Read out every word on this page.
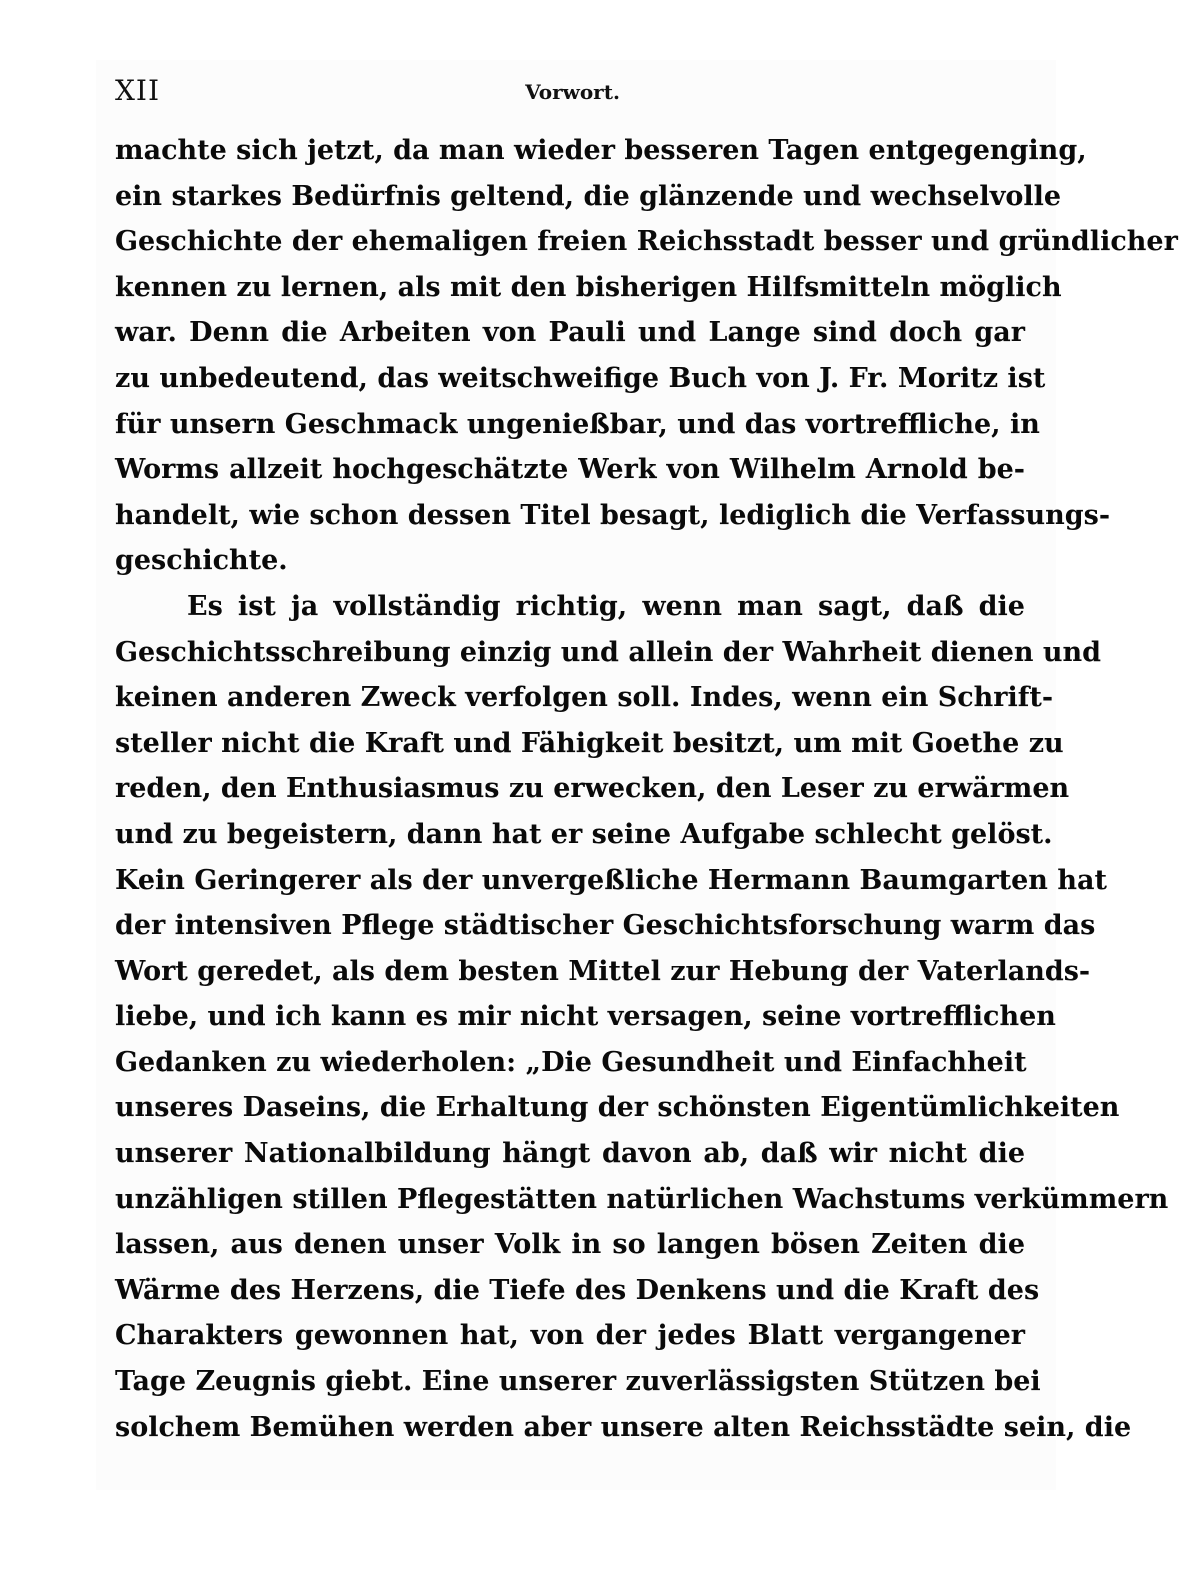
XII	Vorwort.
machte sich jetzt, da man wieder besseren Tagen entgegenging,
ein starkes Bedürfnis geltend, die glänzende und wechselvolle
Geschichte der ehemaligen freien Reichsstadt besser und gründlicher
kennen zu lernen, als mit den bisherigen Hilfsmitteln möglich
war. Denn die Arbeiten von Pauli und Lange sind doch gar
zu unbedeutend, das weitschweifige Buch von J. Fr. Moritz ist
für unsern Geschmack ungenießbar, und das vortreffliche, in
Worms allzeit hochgeschätzte Werk von Wilhelm Arnold be-
handelt, wie schon dessen Titel besagt, lediglich die Verfassungs-
geschichte.
Es ist ja vollständig richtig, wenn man sagt, daß die
Geschichtsschreibung einzig und allein der Wahrheit dienen und
keinen anderen Zweck verfolgen soll. Indes, wenn ein Schrift-
steller nicht die Kraft und Fähigkeit besitzt, um mit Goethe zu
reden, den Enthusiasmus zu erwecken, den Leser zu erwärmen
und zu begeistern, dann hat er seine Aufgabe schlecht gelöst.
Kein Geringerer als der unvergeßliche Hermann Baumgarten hat
der intensiven Pflege städtischer Geschichtsforschung warm das
Wort geredet, als dem besten Mittel zur Hebung der Vaterlands-
liebe, und ich kann es mir nicht versagen, seine vortrefflichen
Gedanken zu wiederholen: „Die Gesundheit und Einfachheit
unseres Daseins, die Erhaltung der schönsten Eigentümlichkeiten
unserer Nationalbildung hängt davon ab, daß wir nicht die
unzähligen stillen Pflegestätten natürlichen Wachstums verkümmern
lassen, aus denen unser Volk in so langen bösen Zeiten die
Wärme des Herzens, die Tiefe des Denkens und die Kraft des
Charakters gewonnen hat, von der jedes Blatt vergangener
Tage Zeugnis giebt. Eine unserer zuverlässigsten Stützen bei
solchem Bemühen werden aber unsere alten Reichsstädte sein, die
